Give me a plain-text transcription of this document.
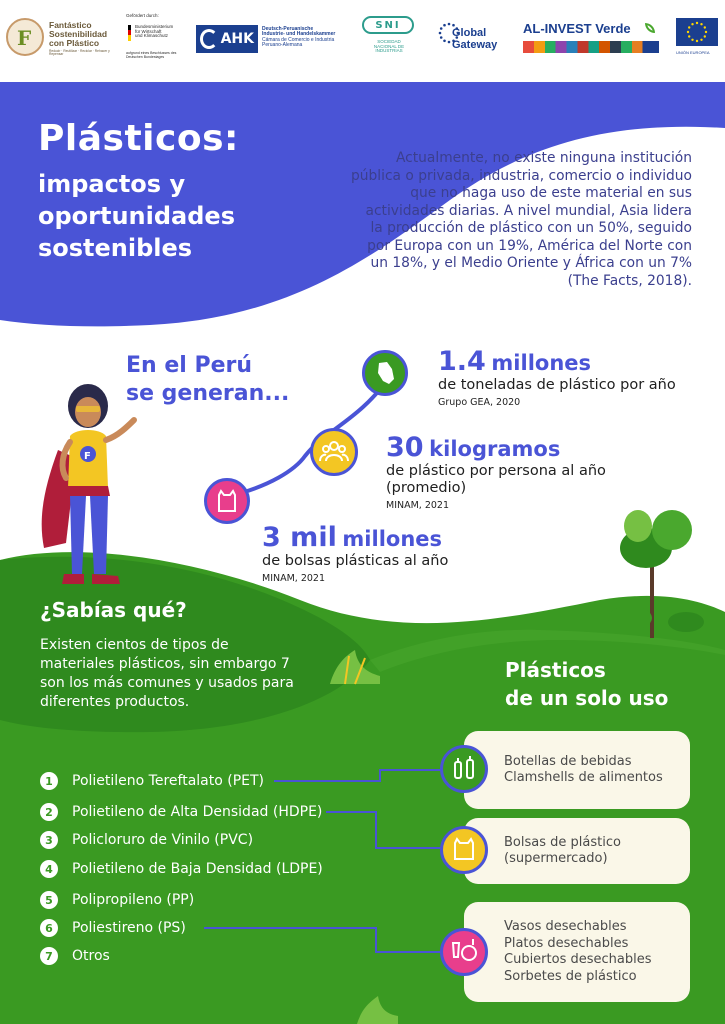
F
Fantástico
Sostenibilidad
con Plástico
Reducir · Reutilizar · Reciclar · Rehacer y Repensar
Gefördert durch:
Bundesministerium
für Wirtschaft
und Klimaschutz
aufgrund eines Beschlusses des Deutschen Bundestages
AHK
Deutsch-Peruanische
Industrie- und Handelskammer
Cámara de Comercio e Industria
Peruano-Alemana
SNI
SOCIEDAD
NACIONAL DE
INDUSTRIAS
Global
Gateway
AL-INVEST Verde
UNIÓN EUROPEA
Plásticos:
impactos y
oportunidades
sostenibles
Actualmente, no existe ninguna institución pública o privada, industria, comercio o individuo que no haga uso de este material en sus actividades diarias. A nivel mundial, Asia lidera la producción de plástico con un 50%, seguido por Europa con un 19%, América del Norte con un 18%, y el Medio Oriente y África con un 7% (The Facts, 2018).
En el Perú
se generan...
F
1.4 millones
de toneladas de plástico por año
Grupo GEA, 2020
30 kilogramos
de plástico por persona al año (promedio)
MINAM, 2021
3 mil millones
de bolsas plásticas al año
MINAM, 2021
¿Sabías qué?
Existen cientos de tipos de materiales plásticos, sin embargo 7 son los más comunes y usados para diferentes productos.
Plásticos
de un solo uso
1	Polietileno Tereftalato (PET)
2	Polietileno de Alta Densidad (HDPE)
3	Policloruro de Vinilo (PVC)
4	Polietileno de Baja Densidad (LDPE)
5	Polipropileno (PP)
6	Poliestireno (PS)
7	Otros
Botellas de bebidas
Clamshells de alimentos
Bolsas de plástico
(supermercado)
Vasos desechables
Platos desechables
Cubiertos desechables
Sorbetes de plástico
